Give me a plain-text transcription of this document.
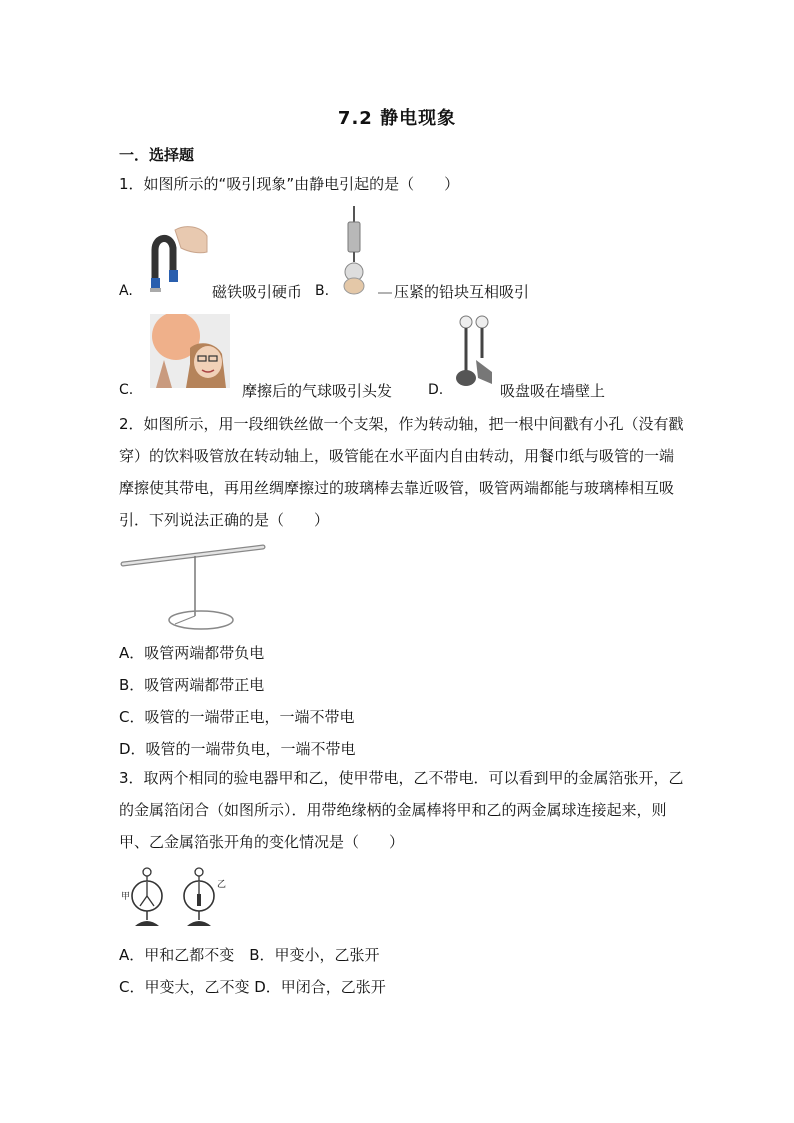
7.2 静电现象
一．选择题
1．如图所示的“吸引现象”由静电引起的是（　　）
A.	磁铁吸引硬币 B.	压紧的铅块互相吸引
C.	摩擦后的气球吸引头发	D.	吸盘吸在墙壁上
2．如图所示，用一段细铁丝做一个支架，作为转动轴，把一根中间戳有小孔（没有戳穿）的饮料吸管放在转动轴上，吸管能在水平面内自由转动，用餐巾纸与吸管的一端摩擦使其带电，再用丝绸摩擦过的玻璃棒去靠近吸管，吸管两端都能与玻璃棒相互吸引．下列说法正确的是（　　）
A．吸管两端都带负电
B．吸管两端都带正电
C．吸管的一端带正电，一端不带电
D．吸管的一端带负电，一端不带电
3．取两个相同的验电器甲和乙，使甲带电，乙不带电．可以看到甲的金属箔张开，乙的金属箔闭合（如图所示）．用带绝缘柄的金属棒将甲和乙的两金属球连接起来，则甲、乙金属箔张开角的变化情况是（　　）
甲
乙
A．甲和乙都不变　B．甲变小，乙张开
C．甲变大，乙不变 D．甲闭合，乙张开
